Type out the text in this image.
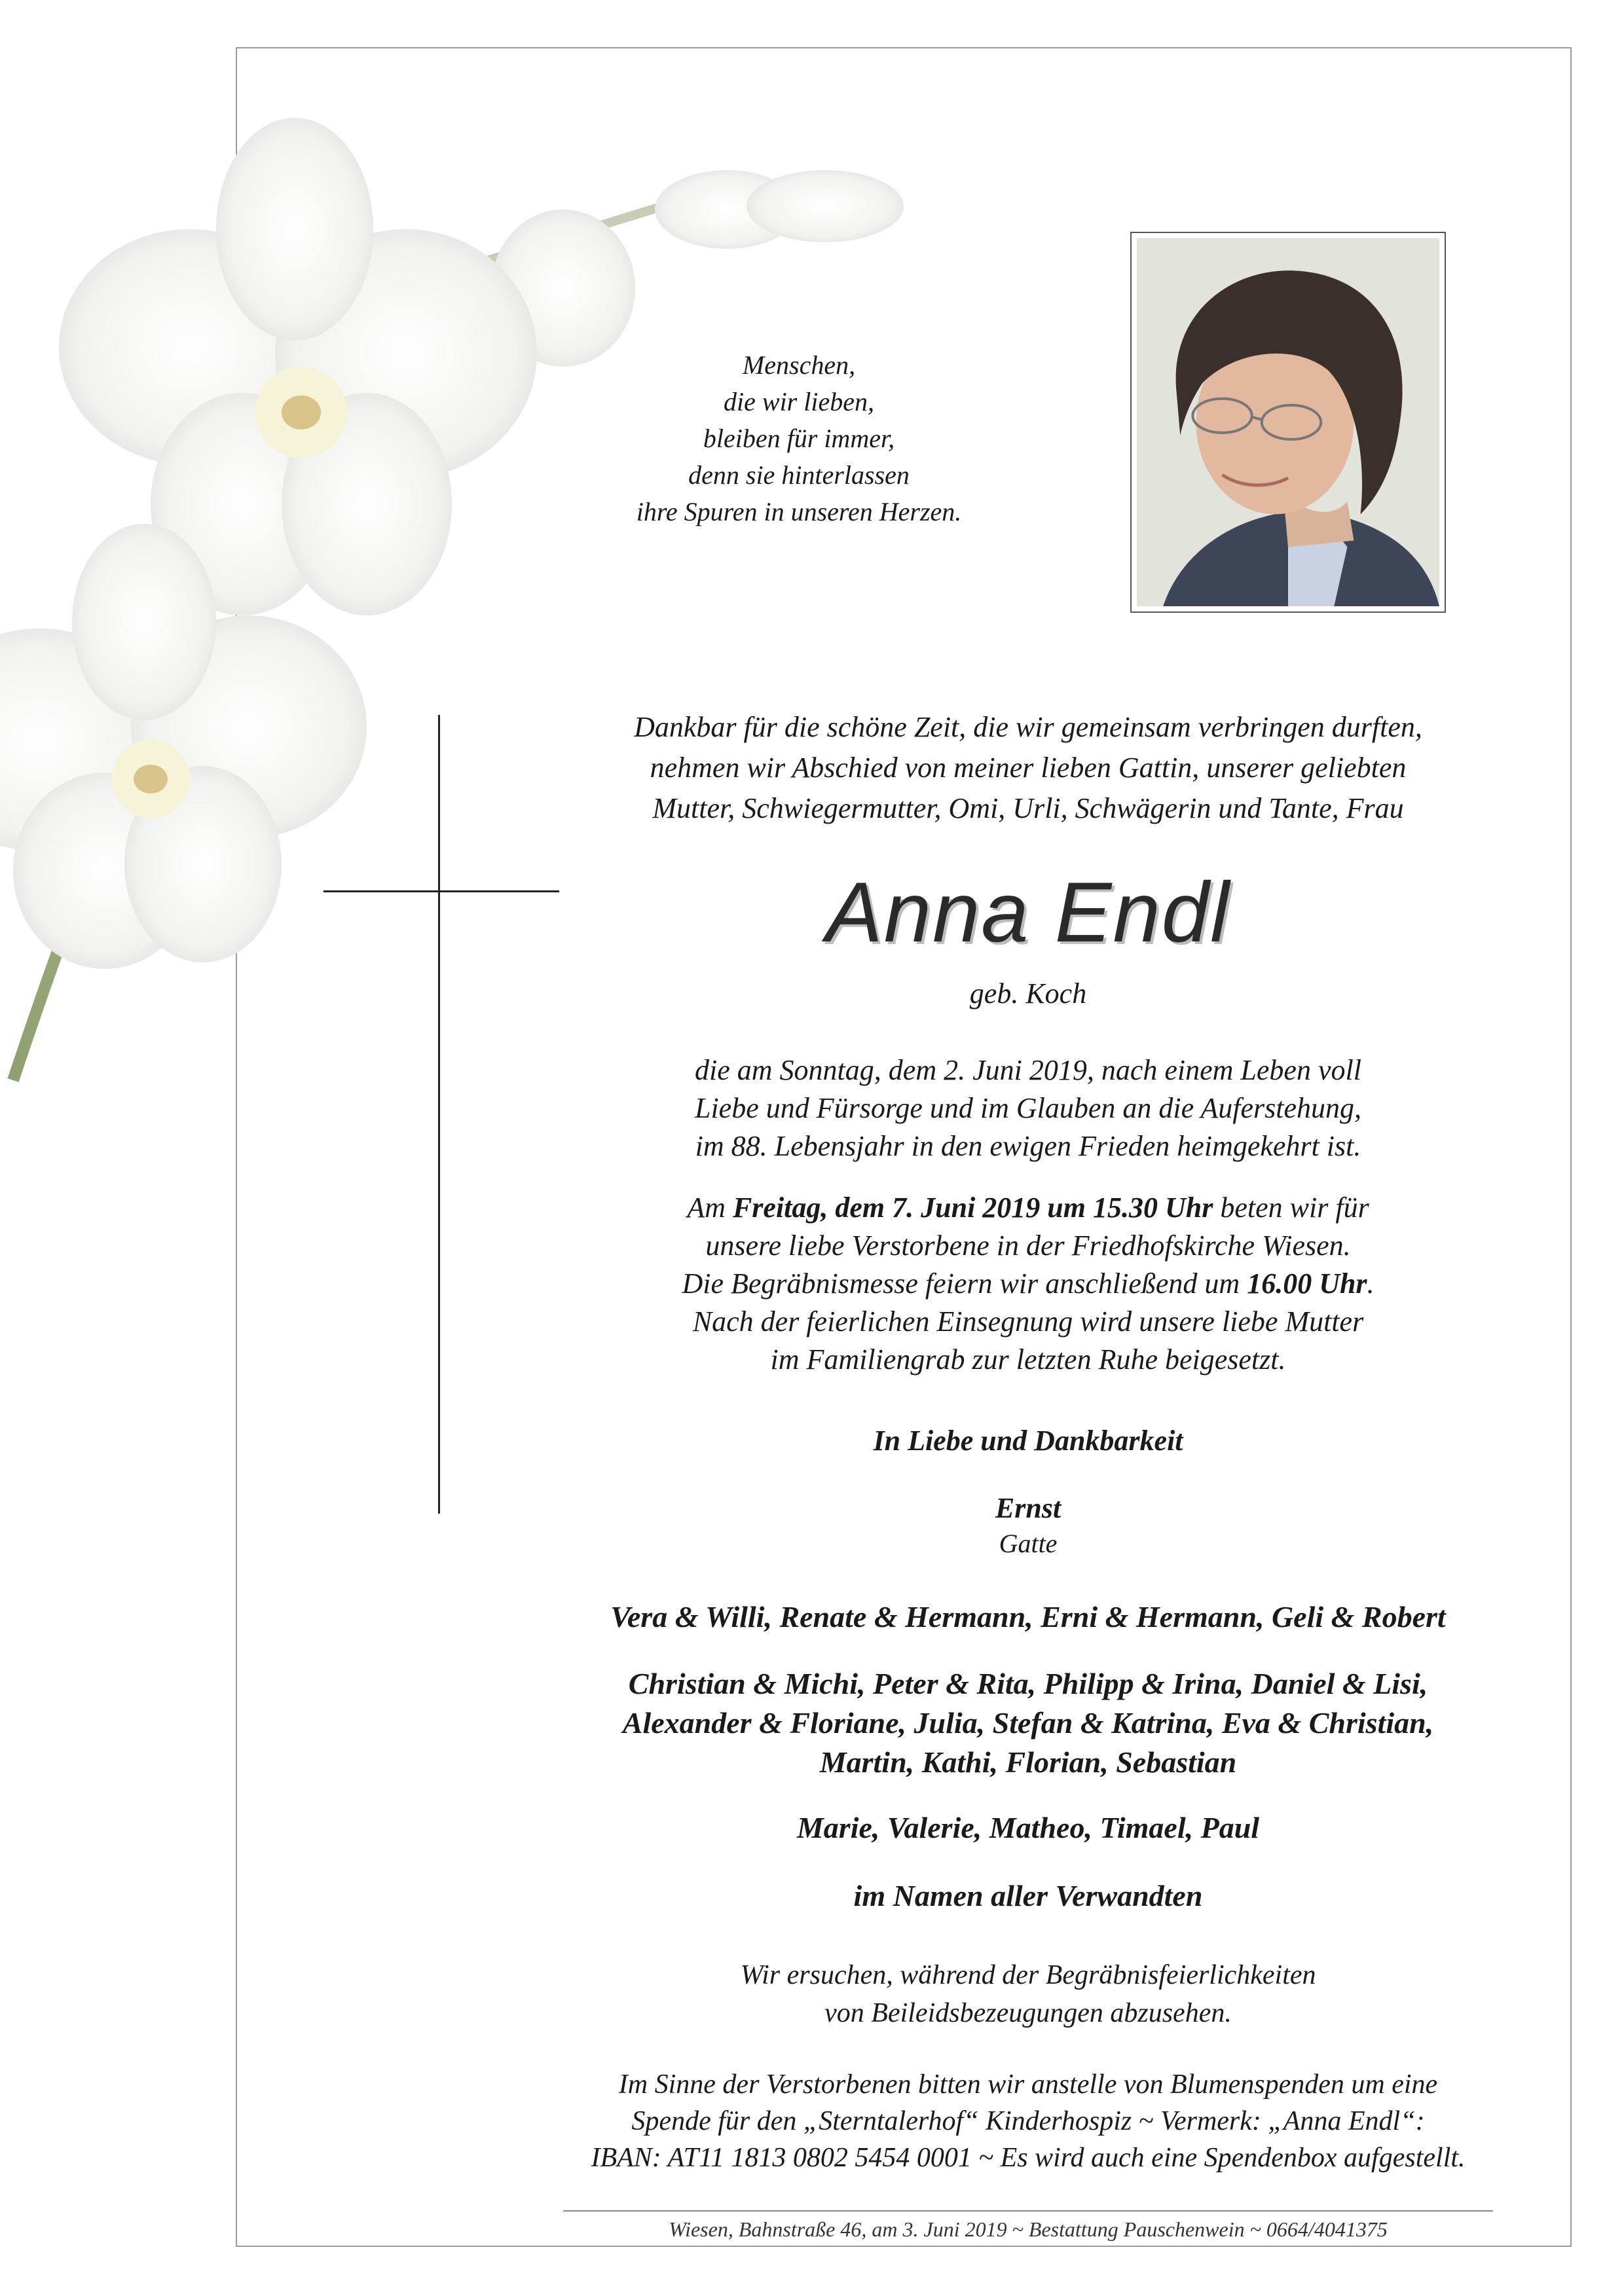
Menschen,
die wir lieben,
bleiben für immer,
denn sie hinterlassen
ihre Spuren in unseren Herzen.
Dankbar für die schöne Zeit, die wir gemeinsam verbringen durften,
nehmen wir Abschied von meiner lieben Gattin, unserer geliebten
Mutter, Schwiegermutter, Omi, Urli, Schwägerin und Tante, Frau
Anna Endl
geb. Koch
die am Sonntag, dem 2. Juni 2019, nach einem Leben voll
Liebe und Fürsorge und im Glauben an die Auferstehung,
im 88. Lebensjahr in den ewigen Frieden heimgekehrt ist.
Am Freitag, dem 7. Juni 2019 um 15.30 Uhr beten wir für
unsere liebe Verstorbene in der Friedhofskirche Wiesen.
Die Begräbnismesse feiern wir anschließend um 16.00 Uhr.
Nach der feierlichen Einsegnung wird unsere liebe Mutter
im Familiengrab zur letzten Ruhe beigesetzt.
In Liebe und Dankbarkeit
Ernst
Gatte
Vera & Willi, Renate & Hermann, Erni & Hermann, Geli & Robert
Christian & Michi, Peter & Rita, Philipp & Irina, Daniel & Lisi,
Alexander & Floriane, Julia, Stefan & Katrina, Eva & Christian,
Martin, Kathi, Florian, Sebastian
Marie, Valerie, Matheo, Timael, Paul
im Namen aller Verwandten
Wir ersuchen, während der Begräbnisfeierlichkeiten
von Beileidsbezeugungen abzusehen.
Im Sinne der Verstorbenen bitten wir anstelle von Blumenspenden um eine
Spende für den „Sterntalerhof“ Kinderhospiz ~ Vermerk: „Anna Endl“:
IBAN: AT11 1813 0802 5454 0001 ~ Es wird auch eine Spendenbox aufgestellt.
Wiesen, Bahnstraße 46, am 3. Juni 2019 ~ Bestattung Pauschenwein ~ 0664/4041375
